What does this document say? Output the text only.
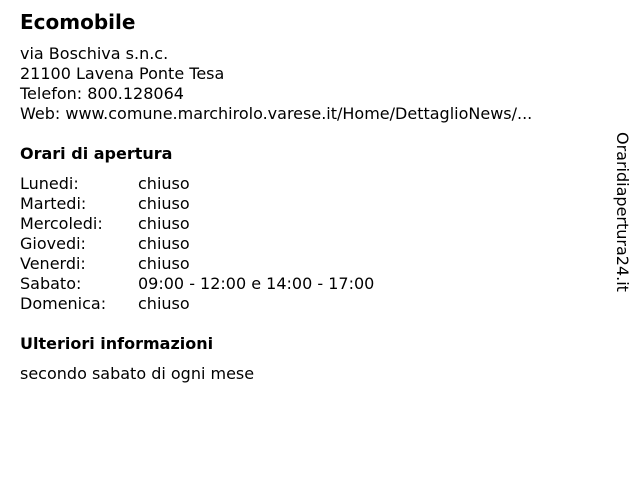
Ecomobile
via Boschiva s.n.c.
21100 Lavena Ponte Tesa
Telefon: 800.128064
Web: www.comune.marchirolo.varese.it/Home/DettaglioNews/...
Orari di apertura
Lunedi:	chiuso
Martedi:	chiuso
Mercoledi: chiuso
Giovedi:	chiuso
Venerdi:	chiuso
Sabato:	09:00 - 12:00 e 14:00 - 17:00
Domenica: chiuso
Ulteriori informazioni
secondo sabato di ogni mese
Oraridiapertura24.it
